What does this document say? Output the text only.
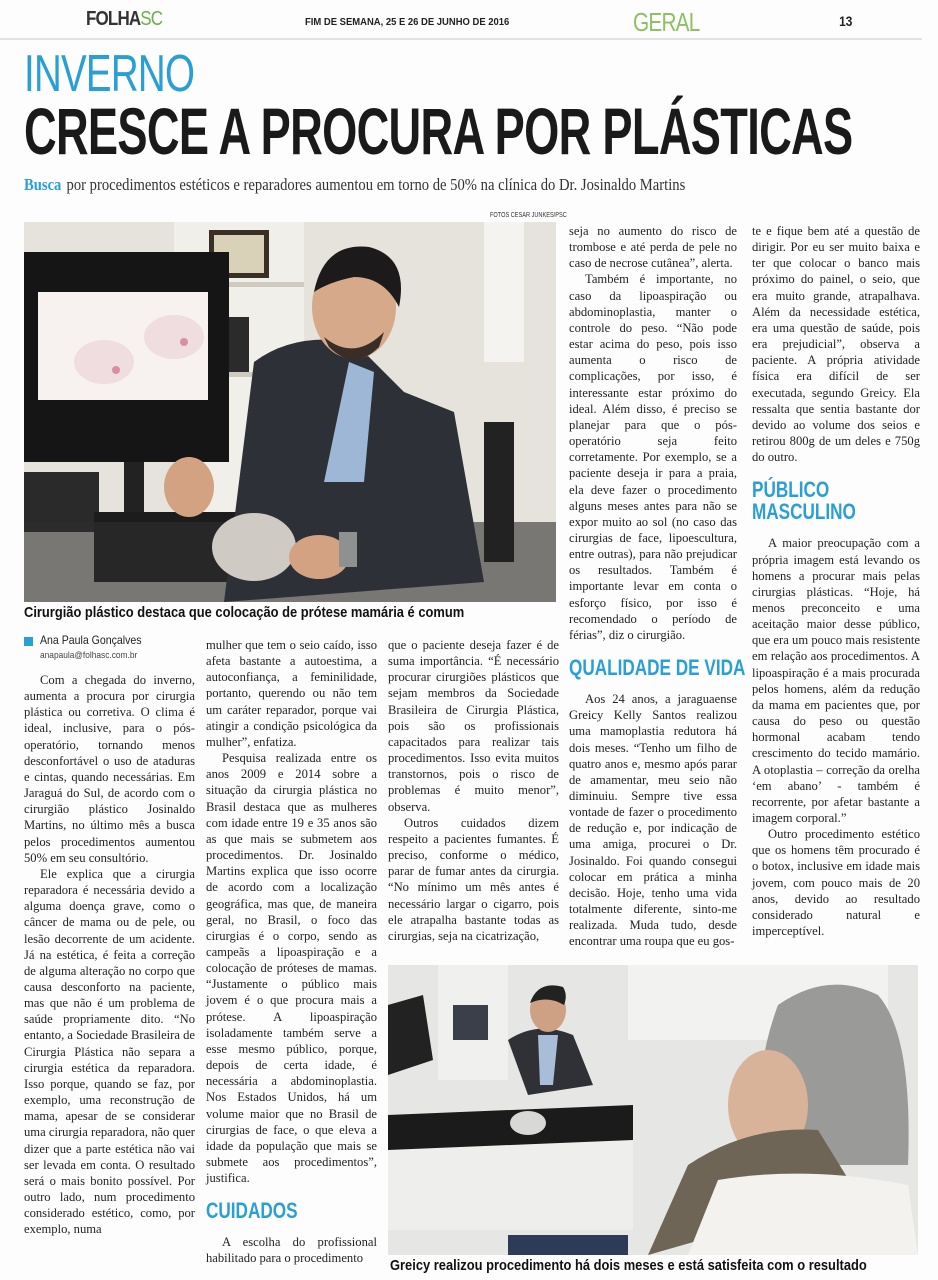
FOLHASC	FIM DE SEMANA, 25 E 26 DE JUNHO DE 2016	GERAL	13
INVERNO
CRESCE A PROCURA POR PLÁSTICAS
Busca por procedimentos estéticos e reparadores aumentou em torno de 50% na clínica do Dr. Josinaldo Martins
FOTOS CESAR JUNKES/PSC
Cirurgião plástico destaca que colocação de prótese mamária é comum
Ana Paula Gonçalves
anapaula@folhasc.com.br

Com a chegada do inverno, aumenta a procura por cirurgia plástica ou corretiva. O clima é ideal, inclusive, para o pós-operatório, tornando menos desconfortável o uso de ataduras e cintas, quando necessárias. Em Jaraguá do Sul, de acordo com o cirurgião plástico Josinaldo Martins, no último mês a busca pelos procedimentos aumentou 50% em seu consultório.

Ele explica que a cirurgia reparadora é necessária devido a alguma doença grave, como o câncer de mama ou de pele, ou lesão decorrente de um acidente. Já na estética, é feita a correção de alguma alteração no corpo que causa desconforto na paciente, mas que não é um problema de saúde propriamente dito. “No entanto, a Sociedade Brasileira de Cirurgia Plástica não separa a cirurgia estética da reparadora. Isso porque, quando se faz, por exemplo, uma reconstrução de mama, apesar de se considerar uma cirurgia reparadora, não quer dizer que a parte estética não vai ser levada em conta. O resultado será o mais bonito possível. Por outro lado, num procedimento considerado estético, como, por exemplo, numa

mulher que tem o seio caído, isso afeta bastante a autoestima, a autoconfiança, a feminilidade, portanto, querendo ou não tem um caráter reparador, porque vai atingir a condição psicológica da mulher”, enfatiza.

Pesquisa realizada entre os anos 2009 e 2014 sobre a situação da cirurgia plástica no Brasil destaca que as mulheres com idade entre 19 e 35 anos são as que mais se submetem aos procedimentos. Dr. Josinaldo Martins explica que isso ocorre de acordo com a localização geográfica, mas que, de maneira geral, no Brasil, o foco das cirurgias é o corpo, sendo as campeãs a lipoaspiração e a colocação de próteses de mamas. “Justamente o público mais jovem é o que procura mais a prótese. A lipoaspiração isoladamente também serve a esse mesmo público, porque, depois de certa idade, é necessária a abdominoplastia. Nos Estados Unidos, há um volume maior que no Brasil de cirurgias de face, o que eleva a idade da população que mais se submete aos procedimentos”, justifica.

CUIDADOS

A escolha do profissional habilitado para o procedimento

que o paciente deseja fazer é de suma importância. “É necessário procurar cirurgiões plásticos que sejam membros da Sociedade Brasileira de Cirurgia Plástica, pois são os profissionais capacitados para realizar tais procedimentos. Isso evita muitos transtornos, pois o risco de problemas é muito menor”, observa.

Outros cuidados dizem respeito a pacientes fumantes. É preciso, conforme o médico, parar de fumar antes da cirurgia. “No mínimo um mês antes é necessário largar o cigarro, pois ele atrapalha bastante todas as cirurgias, seja na cicatrização,

seja no aumento do risco de trombose e até perda de pele no caso de necrose cutânea”, alerta.

Também é importante, no caso da lipoaspiração ou abdominoplastia, manter o controle do peso. “Não pode estar acima do peso, pois isso aumenta o risco de complicações, por isso, é interessante estar próximo do ideal. Além disso, é preciso se planejar para que o pós-operatório seja feito corretamente. Por exemplo, se a paciente deseja ir para a praia, ela deve fazer o procedimento alguns meses antes para não se expor muito ao sol (no caso das cirurgias de face, lipoescultura, entre outras), para não prejudicar os resultados. Também é importante levar em conta o esforço físico, por isso é recomendado o período de férias”, diz o cirurgião.

QUALIDADE DE VIDA

Aos 24 anos, a jaraguaense Greicy Kelly Santos realizou uma mamoplastia redutora há dois meses. “Tenho um filho de quatro anos e, mesmo após parar de amamentar, meu seio não diminuiu. Sempre tive essa vontade de fazer o procedimento de redução e, por indicação de uma amiga, procurei o Dr. Josinaldo. Foi quando consegui colocar em prática a minha decisão. Hoje, tenho uma vida totalmente diferente, sinto-me realizada. Muda tudo, desde encontrar uma roupa que eu gos-

te e fique bem até a questão de dirigir. Por eu ser muito baixa e ter que colocar o banco mais próximo do painel, o seio, que era muito grande, atrapalhava. Além da necessidade estética, era uma questão de saúde, pois era prejudicial”, observa a paciente. A própria atividade física era difícil de ser executada, segundo Greicy. Ela ressalta que sentia bastante dor devido ao volume dos seios e retirou 800g de um deles e 750g do outro.

PÚBLICO
MASCULINO

A maior preocupação com a própria imagem está levando os homens a procurar mais pelas cirurgias plásticas. “Hoje, há menos preconceito e uma aceitação maior desse público, que era um pouco mais resistente em relação aos procedimentos. A lipoaspiração é a mais procurada pelos homens, além da redução da mama em pacientes que, por causa do peso ou questão hormonal acabam tendo crescimento do tecido mamário. A otoplastia – correção da orelha ‘em abano’ - também é recorrente, por afetar bastante a imagem corporal.”

Outro procedimento estético que os homens têm procurado é o botox, inclusive em idade mais jovem, com pouco mais de 20 anos, devido ao resultado considerado natural e imperceptível.

Greicy realizou procedimento há dois meses e está satisfeita com o resultado
